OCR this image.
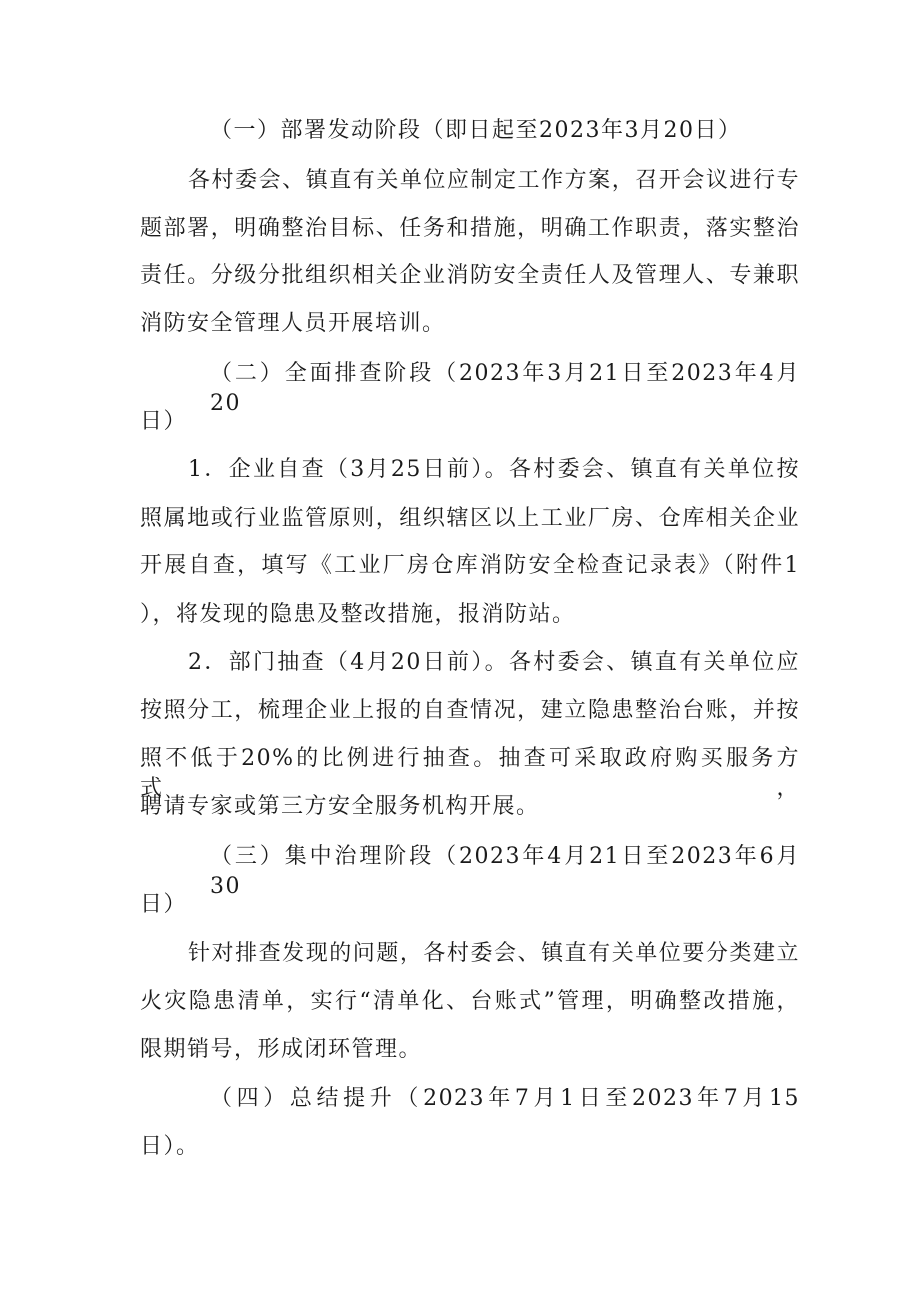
（一）部署发动阶段（即日起至2023年3月20日）
各村委会、镇直有关单位应制定工作方案，召开会议进行专
题部署，明确整治目标、任务和措施，明确工作职责，落实整治
责任。分级分批组织相关企业消防安全责任人及管理人、专兼职
消防安全管理人员开展培训。
（二）全面排查阶段（2023年3月21日至2023年4月20
日）
1．企业自查（3月25日前）。各村委会、镇直有关单位按
照属地或行业监管原则，组织辖区以上工业厂房、仓库相关企业
开展自查，填写《工业厂房仓库消防安全检查记录表》（附件1
），将发现的隐患及整改措施，报消防站。
2．部门抽查（4月20日前）。各村委会、镇直有关单位应
按照分工，梳理企业上报的自查情况，建立隐患整治台账，并按
照不低于20%的比例进行抽查。抽查可采取政府购买服务方式，
聘请专家或第三方安全服务机构开展。
（三）集中治理阶段（2023年4月21日至2023年6月30
日）
针对排查发现的问题，各村委会、镇直有关单位要分类建立
火灾隐患清单，实行“清单化、台账式”管理，明确整改措施，
限期销号，形成闭环管理。
（四）总结提升（2023年7月1日至2023年7月15
日）。
